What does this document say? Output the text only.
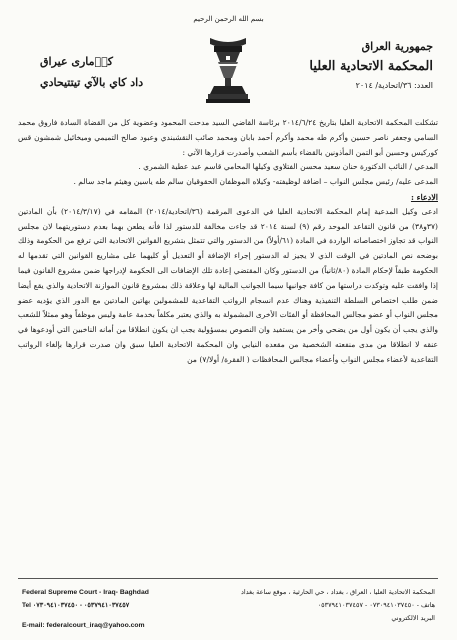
بسم الله الرحمن الرحيم
جمهورية العراق
المحكمة الاتحادية العليا
العدد: ٣٦/اتحادية/ ٢٠١٤
كو٘مارى عيراق
داد كاي بالآي تيتتيحادي

تشكلت المحكمة الاتحادية العليا بتاريخ ٢٠١٤/٦/٢٤ برئاسة القاضي السيد مدحت المحمود وعضوية كل من القضاة السادة فاروق محمد السامي وجعفر ناصر حسين وأكرم طه محمد وأكرم أحمد بابان ومحمد صائب النقشبندي وعبود صالح التميمي وميخائيل شمشون قس كوركيس وحسين أبو التمن المأذونين بالقضاء بأسم الشعب وأصدرت قرارها الآتي :

المدعي / النائب الدكتورة حنان سعيد محسن الفتلاوي وكيلها المحامي قاسم عبد عطية الشمري .

المدعى عليه/ رئيس مجلس النواب – اضافة لوظيفته- وكيلاه الموظفان الحقوقيان سالم طه ياسين وهيثم ماجد سالم .

الادعاء :

ادعى وكيل المدعية إمام المحكمة الاتحادية العليا في الدعوى المرقمة (٣٦/اتحادية/٢٠١٤) المقامه في (٢٠١٤/٣/١٧) بأن المادتين (٣٧و٣٨) من قانون التقاعد الموحد رقم (٩) لسنة ٢٠١٤ قد جاءت مخالفة للدستور لذا فأنه يطعن بهما بعدم دستوريتهما لان مجلس النواب قد تجاوز اختصاصاته الواردة في المادة (٦١/أولاً) من الدستور والتي تتمثل بتشريع القوانين الاتحادية التي ترفع من الحكومة وذلك بوضحه نص المادتين في الوقت الذي لا يجيز له الدستور إجراء الإضافة أو التعديل أو كليهما على مشاريع القوانين التي تقدمها له الحكومة طبقاً لإحكام المادة (٨٠/ثانياً) من الدستور وكان المقتضي إعادة تلك الإضافات الى الحكومة لإدراجها ضمن مشروع القانون فيما إذا وافقت عليه وتوكدت دراستها من كافة جوانبها سيما الجوانب المالية لها وعلاقة ذلك بمشروع قانون الموازنة الاتحادية والذي يقع أيضا ضمن طلب اختصاص السلطة التنفيذية وهناك عدم انسجام الرواتب التقاعدية للمشمولين بهاتين المادتين مع الدور الذي يؤديه عضو مجلس النواب أو عضو مجالس المحافظة أو الفئات الأخرى المشمولة به والذي يعتبر مكلفاً بخدمة عامة وليس موظفاً وهو ممثلاً للشعب والذي يجب أن يكون أول من يضحي وأخر من يستفيد وان النصوص بمسؤولية يجب ان يكون انطلاقا من أمانه الناخبين التي أودعوها في عنقه لا انطلاقا من مدى منفعته الشخصية من مقعده النيابي وان المحكمة الاتحادية العليا سبق وان صدرت قرارها بإلغاء الرواتب التقاعدية لأعضاء مجلس النواب وأعضاء مجالس المحافظات ( الفقرة/ أولا/٧) من

المحكمة الاتحادية العليا ، العراق ، بغداد ، حي الحارثية ، موقع ساعة بغداد
هاتف - ٠٧٣٠٩٤١٠٣٧٤٥٠ - ٠٥٣٧٩٤١٠٣٧٤٥٧
البريد الالكتروني
Federal Supreme Court - Iraq- Baghdad
Tel ٠٥٣٧٩٤١٠٣٧٤٥٧ - ٠٧٣٠٩٤١٠٣٧٤٥٠
E-mail: federalcourt_iraq@yahoo.com
